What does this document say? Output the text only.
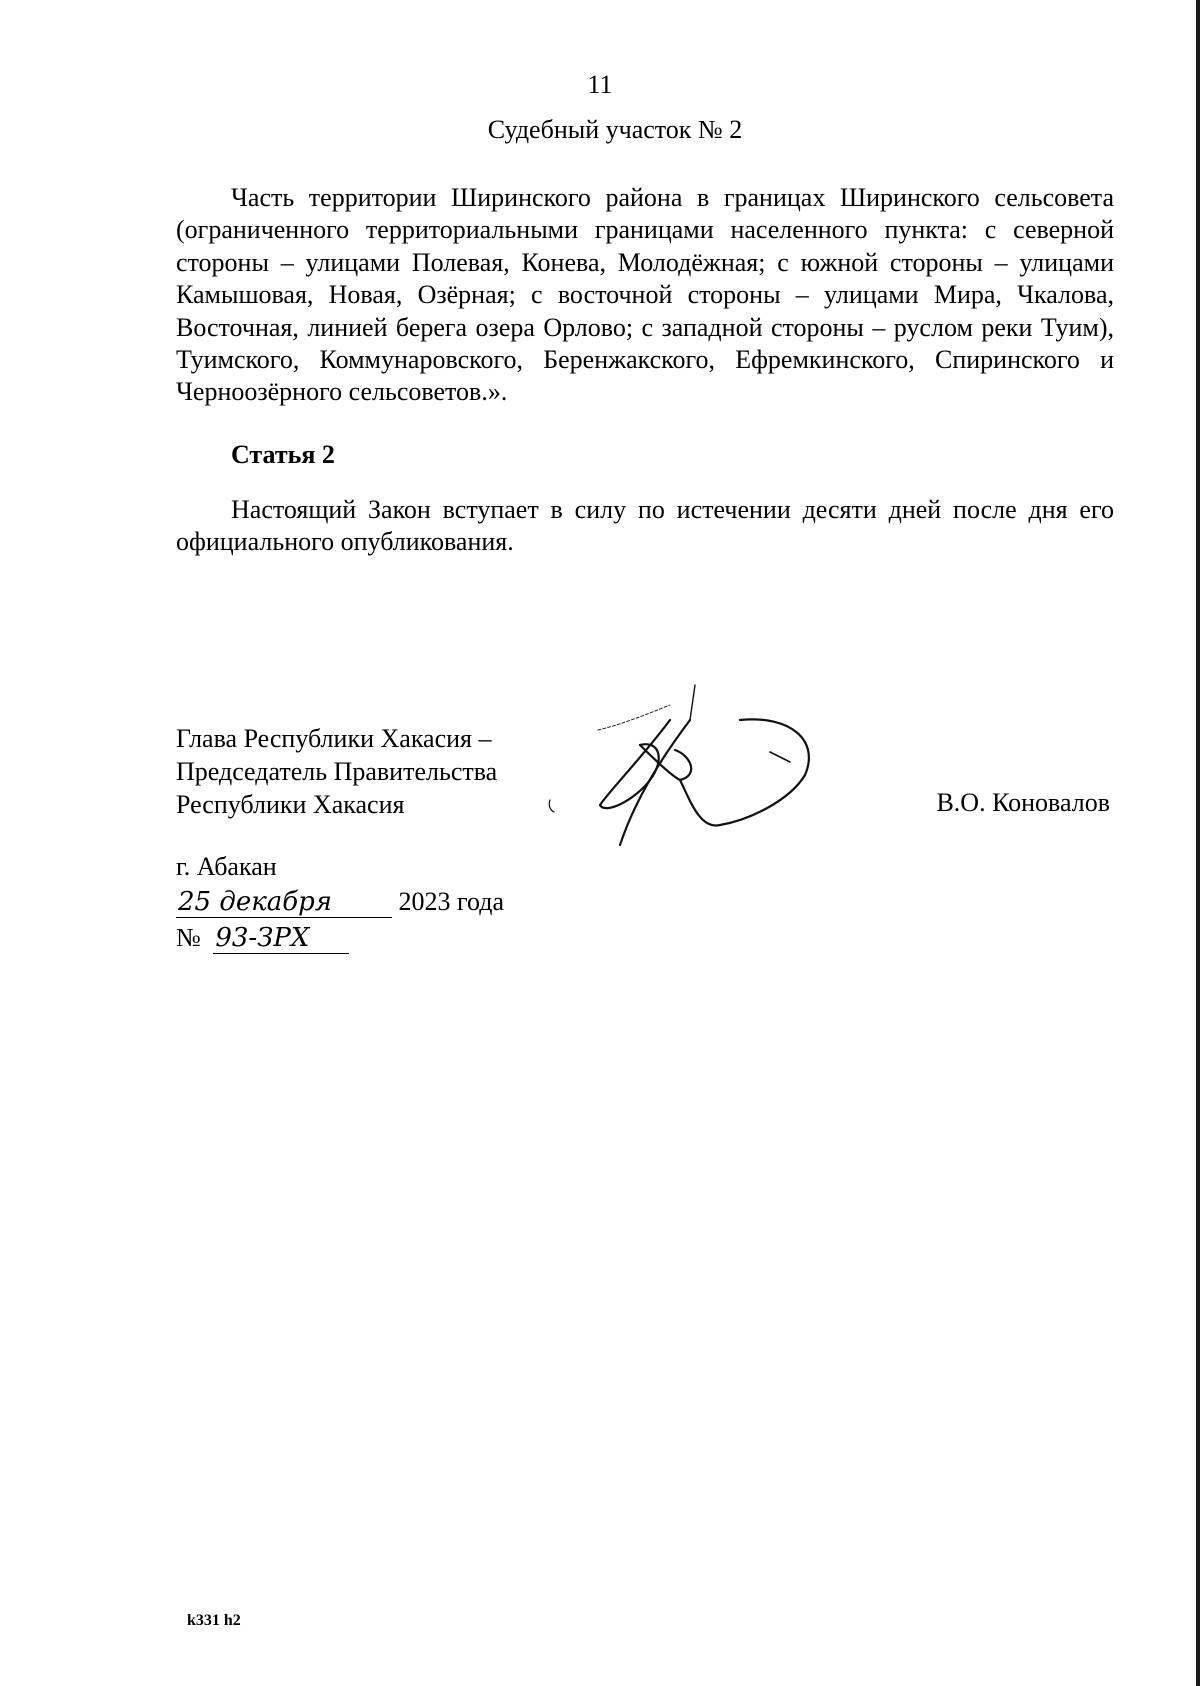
11
Судебный участок № 2

Часть территории Ширинского района в границах Ширинского сельсовета (ограниченного территориальными границами населенного пункта: с северной стороны – улицами Полевая, Конева, Молодёжная; с южной стороны – улицами Камышовая, Новая, Озёрная; с восточной стороны – улицами Мира, Чкалова, Восточная, линией берега озера Орлово; с западной стороны – руслом реки Туим), Туимского, Коммунаровского, Беренжакского, Ефремкинского, Спиринского и Черноозёрного сельсоветов.».

Статья 2

Настоящий Закон вступает в силу по истечении десяти дней после дня его официального опубликования.

Глава Республики Хакасия –
Председатель Правительства
Республики Хакасия	В.О. Коновалов
г. Абакан
25 декабря	2023 года
№ 93-ЗРХ
k331 h2
